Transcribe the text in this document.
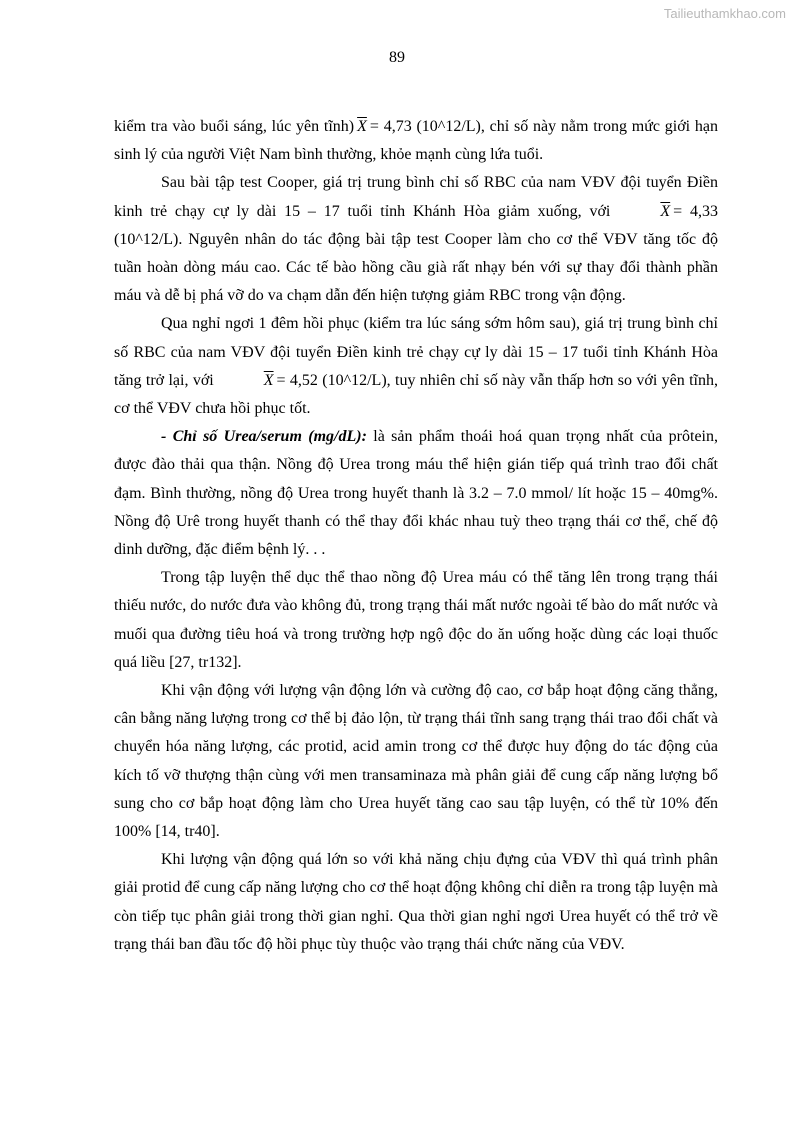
Tailieuthamkhao.com
89

kiểm tra vào buổi sáng, lúc yên tĩnh) $\overline{X} = 4,73$ (10^12/L), chỉ số này nằm trong mức giới hạn sinh lý của người Việt Nam bình thường, khỏe mạnh cùng lứa tuổi.

Sau bài tập test Cooper, giá trị trung bình chỉ số RBC của nam VĐV đội tuyển Điền kinh trẻ chạy cự ly dài 15 – 17 tuổi tỉnh Khánh Hòa giảm xuống, với	$\overline{X} = 4,33$ (10^12/L). Nguyên nhân do tác động bài tập test Cooper làm cho cơ thể VĐV tăng tốc độ tuần hoàn dòng máu cao. Các tế bào hồng cầu già rất nhạy bén với sự thay đổi thành phần máu và dễ bị phá vỡ do va chạm dẫn đến hiện tượng giảm RBC trong vận động.

Qua nghỉ ngơi 1 đêm hồi phục (kiểm tra lúc sáng sớm hôm sau), giá trị trung bình chỉ số RBC của nam VĐV đội tuyển Điền kinh trẻ chạy cự ly dài 15 – 17 tuổi tỉnh Khánh Hòa tăng trở lại, với	$\overline{X} = 4,52$ (10^12/L), tuy nhiên chỉ số này vẫn thấp hơn so với yên tĩnh, cơ thể VĐV chưa hồi phục tốt.

- Chỉ số Urea/serum (mg/dL): là sản phẩm thoái hoá quan trọng nhất của prôtein, được đào thải qua thận. Nồng độ Urea trong máu thể hiện gián tiếp quá trình trao đổi chất đạm. Bình thường, nồng độ Urea trong huyết thanh là 3.2 – 7.0 mmol/ lít hoặc 15 – 40mg%. Nồng độ Urê trong huyết thanh có thể thay đổi khác nhau tuỳ theo trạng thái cơ thể, chế độ dinh dưỡng, đặc điểm bệnh lý. . .

Trong tập luyện thể dục thể thao nồng độ Urea máu có thể tăng lên trong trạng thái thiếu nước, do nước đưa vào không đủ, trong trạng thái mất nước ngoài tế bào do mất nước và muối qua đường tiêu hoá và trong trường hợp ngộ độc do ăn uống hoặc dùng các loại thuốc quá liều [27, tr132].

Khi vận động với lượng vận động lớn và cường độ cao, cơ bắp hoạt động căng thẳng, cân bằng năng lượng trong cơ thể bị đảo lộn, từ trạng thái tĩnh sang trạng thái trao đổi chất và chuyển hóa năng lượng, các protid, acid amin trong cơ thể được huy động do tác động của kích tố vỡ thượng thận cùng với men transaminaza mà phân giải để cung cấp năng lượng bổ sung cho cơ bắp hoạt động làm cho Urea huyết tăng cao sau tập luyện, có thể từ 10% đến 100% [14, tr40].

Khi lượng vận động quá lớn so với khả năng chịu đựng của VĐV thì quá trình phân giải protid để cung cấp năng lượng cho cơ thể hoạt động không chỉ diễn ra trong tập luyện mà còn tiếp tục phân giải trong thời gian nghỉ. Qua thời gian nghỉ ngơi Urea huyết có thể trở về trạng thái ban đầu tốc độ hồi phục tùy thuộc vào trạng thái chức năng của VĐV.
